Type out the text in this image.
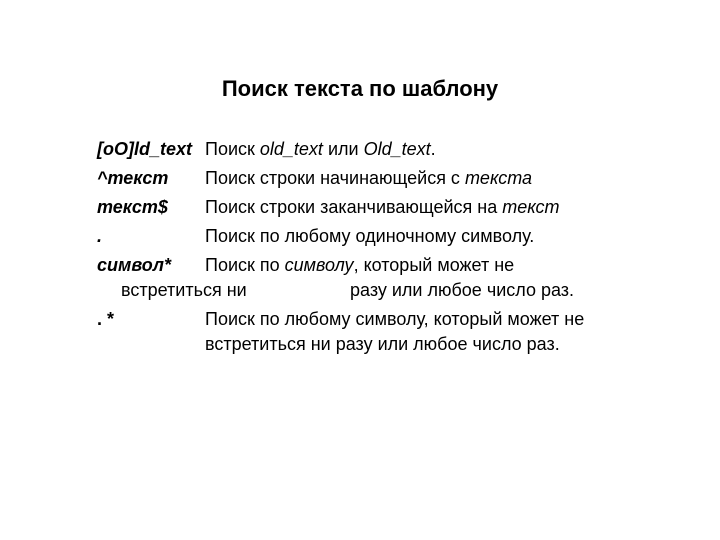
Поиск текста по шаблону
[oO]ld_text Поиск old_text или Old_text.
^текст Поиск строки начинающейся с текста
текст$ Поиск строки заканчивающейся на текст
.	Поиск по любому одиночному символу.
символ* Поиск по символу, который может не
встретиться ни	разу или любое число раз.
. *	Поиск по любому символу, который может не
встретиться ни разу или любое число раз.
